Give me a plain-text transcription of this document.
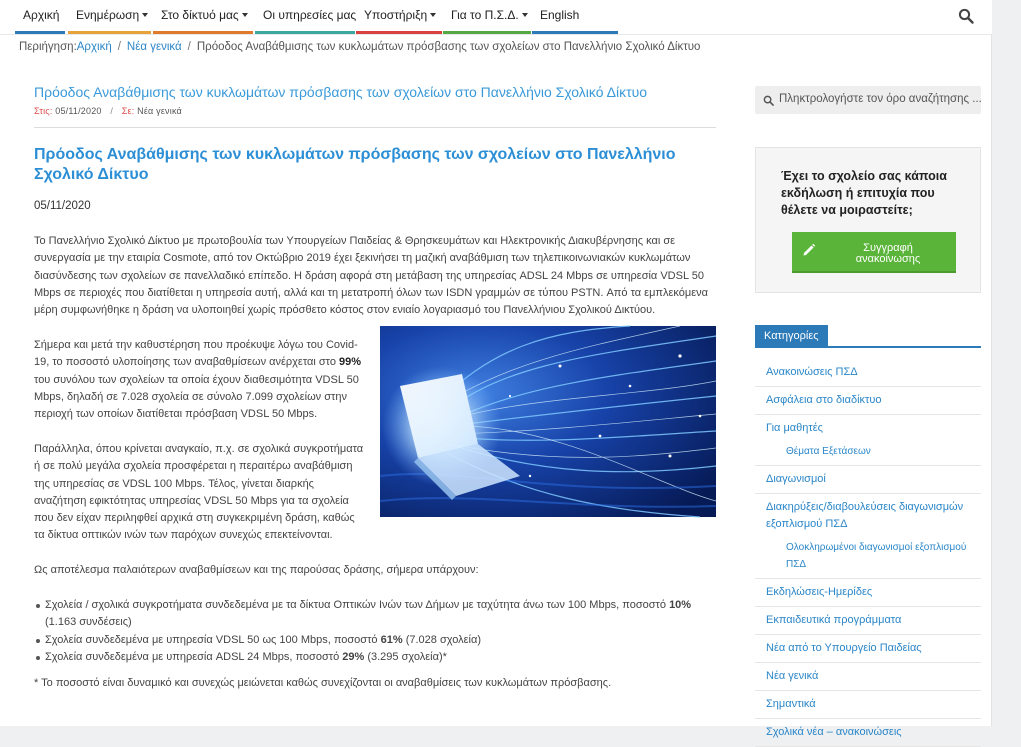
Αρχική	Ενημέρωση	Στο δίκτυό μας	Οι υπηρεσίες μας Υποστήριξη	Για το Π.Σ.Δ.	English
Περιήγηση:Αρχική / Νέα γενικά / Πρόοδος Αναβάθμισης των κυκλωμάτων πρόσβασης των σχολείων στο Πανελλήνιο Σχολικό Δίκτυο
Πρόοδος Αναβάθμισης των κυκλωμάτων πρόσβασης των σχολείων στο Πανελλήνιο Σχολικό Δίκτυο
Στις: 05/11/2020 / Σε: Νέα γενικά
Πρόοδος Αναβάθμισης των κυκλωμάτων πρόσβασης των σχολείων στο Πανελλήνιο Σχολικό Δίκτυο
05/11/2020
Το Πανελλήνιο Σχολικό Δίκτυο με πρωτοβουλία των Υπουργείων Παιδείας & Θρησκευμάτων και Ηλεκτρονικής Διακυβέρνησης και σε συνεργασία με την εταιρία Cosmote, από τον Οκτώβριο 2019 έχει ξεκινήσει τη μαζική αναβάθμιση των τηλεπικοινωνιακών κυκλωμάτων διασύνδεσης των σχολείων σε πανελλαδικό επίπεδο. Η δράση αφορά στη μετάβαση της υπηρεσίας ADSL 24 Mbps σε υπηρεσία VDSL 50 Mbps σε περιοχές που διατίθεται η υπηρεσία αυτή, αλλά και τη μετατροπή όλων των ISDN γραμμών σε τύπου PSTN. Από τα εμπλεκόμενα μέρη συμφωνήθηκε η δράση να υλοποιηθεί χωρίς πρόσθετο κόστος στον ενιαίο λογαριασμό του Πανελλήνιου Σχολικού Δικτύου.
Σήμερα και μετά την καθυστέρηση που προέκυψε λόγω του Covid-19, το ποσοστό υλοποίησης των αναβαθμίσεων ανέρχεται στο 99% του συνόλου των σχολείων τα οποία έχουν διαθεσιμότητα VDSL 50 Mbps, δηλαδή σε 7.028 σχολεία σε σύνολο 7.099 σχολείων στην περιοχή των οποίων διατίθεται πρόσβαση VDSL 50 Mbps.
Παράλληλα, όπου κρίνεται αναγκαίο, π.χ. σε σχολικά συγκροτήματα ή σε πολύ μεγάλα σχολεία προσφέρεται η περαιτέρω αναβάθμιση της υπηρεσίας σε VDSL 100 Mbps. Τέλος, γίνεται διαρκής αναζήτηση εφικτότητας υπηρεσίας VDSL 50 Mbps για τα σχολεία που δεν είχαν περιληφθεί αρχικά στη συγκεκριμένη δράση, καθώς τα δίκτυα οπτικών ινών των παρόχων συνεχώς επεκτείνονται.
Ως αποτέλεσμα παλαιότερων αναβαθμίσεων και της παρούσας δράσης, σήμερα υπάρχουν:
Σχολεία / σχολικά συγκροτήματα συνδεδεμένα με τα δίκτυα Οπτικών Ινών των Δήμων με ταχύτητα άνω των 100 Mbps, ποσοστό 10% (1.163 συνδέσεις)
Σχολεία συνδεδεμένα με υπηρεσία VDSL 50 ως 100 Mbps, ποσοστό 61% (7.028 σχολεία)
Σχολεία συνδεδεμένα με υπηρεσία ADSL 24 Mbps, ποσοστό 29% (3.295 σχολεία)*
* Το ποσοστό είναι δυναμικό και συνεχώς μειώνεται καθώς συνεχίζονται οι αναβαθμίσεις των κυκλωμάτων πρόσβασης.
Πληκτρολογήστε τον όρο αναζήτησης ...
Έχει το σχολείο σας κάποια εκδήλωση ή επιτυχία που θέλετε να μοιραστείτε;
Συγγραφή ανακοίνωσης
Κατηγορίες
Ανακοινώσεις ΠΣΔ
Ασφάλεια στο διαδίκτυο
Για μαθητές
Θέματα Εξετάσεων
Διαγωνισμοί
Διακηρύξεις/διαβουλεύσεις διαγωνισμών εξοπλισμού ΠΣΔ
Ολοκληρωμένοι διαγωνισμοί εξοπλισμού ΠΣΔ
Εκδηλώσεις-Ημερίδες
Εκπαιδευτικά προγράμματα
Νέα από το Υπουργείο Παιδείας
Νέα γενικά
Σημαντικά
Σχολικά νέα – ανακοινώσεις
